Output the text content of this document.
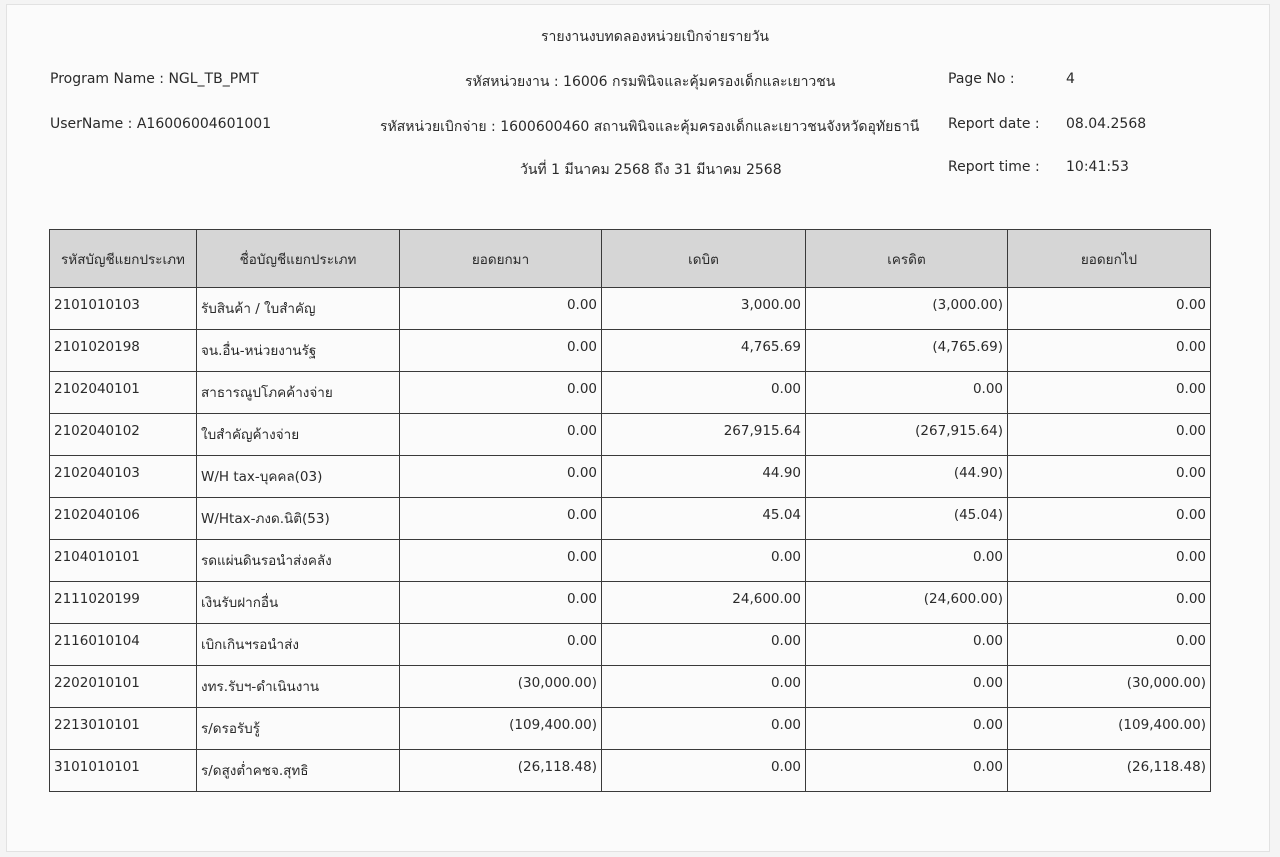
รายงานงบทดลองหน่วยเบิกจ่ายรายวัน
Program Name : NGL_TB_PMT
UserName : A16006004601001
รหัสหน่วยงาน : 16006 กรมพินิจและคุ้มครองเด็กและเยาวชน
รหัสหน่วยเบิกจ่าย : 1600600460 สถานพินิจและคุ้มครองเด็กและเยาวชนจังหวัดอุทัยธานี
วันที่ 1 มีนาคม 2568 ถึง 31 มีนาคม 2568
Page No :	4
Report date : 08.04.2568
Report time : 10:41:53
รหัสบัญชีแยกประเภท	ชื่อบัญชีแยกประเภท	ยอดยกมา	เดบิต	เครดิต	ยอดยกไป
2101010103	รับสินค้า / ใบสำคัญ	0.00	3,000.00	(3,000.00)	0.00
2101020198	จน.อื่น-หน่วยงานรัฐ	0.00	4,765.69	(4,765.69)	0.00
2102040101	สาธารณูปโภคค้างจ่าย	0.00	0.00	0.00	0.00
2102040102	ใบสำคัญค้างจ่าย	0.00	267,915.64	(267,915.64)	0.00
2102040103	W/H tax-บุคคล(03)	0.00	44.90	(44.90)	0.00
2102040106	W/Htax-ภงด.นิติ(53)	0.00	45.04	(45.04)	0.00
2104010101	รดแผ่นดินรอนำส่งคลัง	0.00	0.00	0.00	0.00
2111020199	เงินรับฝากอื่น	0.00	24,600.00	(24,600.00)	0.00
2116010104	เบิกเกินฯรอนำส่ง	0.00	0.00	0.00	0.00
2202010101	งทร.รับฯ-ดำเนินงาน	(30,000.00)	0.00	0.00	(30,000.00)
2213010101	ร/ดรอรับรู้	(109,400.00)	0.00	0.00	(109,400.00)
3101010101	ร/ดสูงต่ำคชจ.สุทธิ	(26,118.48)	0.00	0.00	(26,118.48)
